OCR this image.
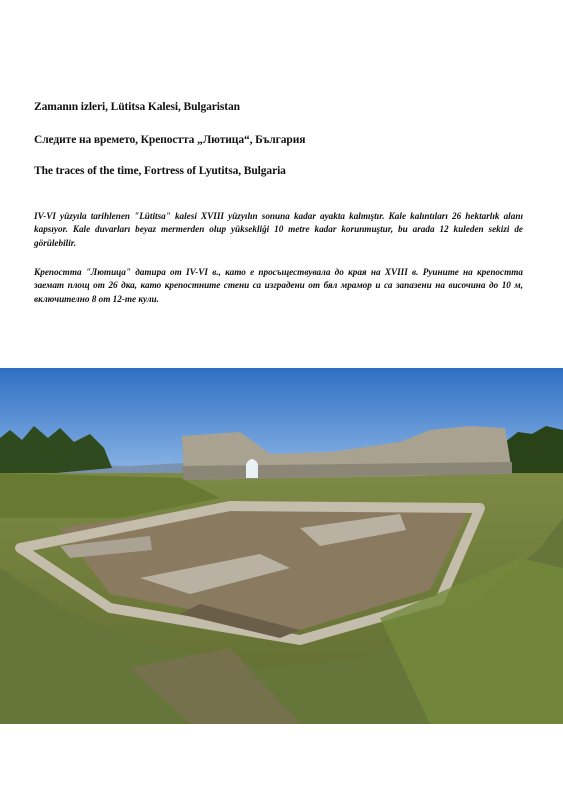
Zamanın izleri, Lütitsa Kalesi, Bulgaristan
Следите на времето, Крепостта „Лютица“, България
The traces of the time, Fortress of Lyutitsa, Bulgaria
IV-VI yüzyıla tarihlenen "Lütitsa" kalesi XVIII yüzyılın sonuna kadar ayakta kalmıştır. Kale kalıntıları 26 hektarlık alanı kapsıyor. Kale duvarları beyaz mermerden olup yüksekliği 10 metre kadar korunmuştur, bu arada 12 kuleden sekizi de görülebilir.
Крепостта "Лютица" датира от IV-VI в., като е просъществувала до края на XVIII в. Руините на крепостта заемат площ от 26 дка, като крепостните стени са изградени от бял мрамор и са запазени на височина до 10 м, включително 8 от 12-те кули.
